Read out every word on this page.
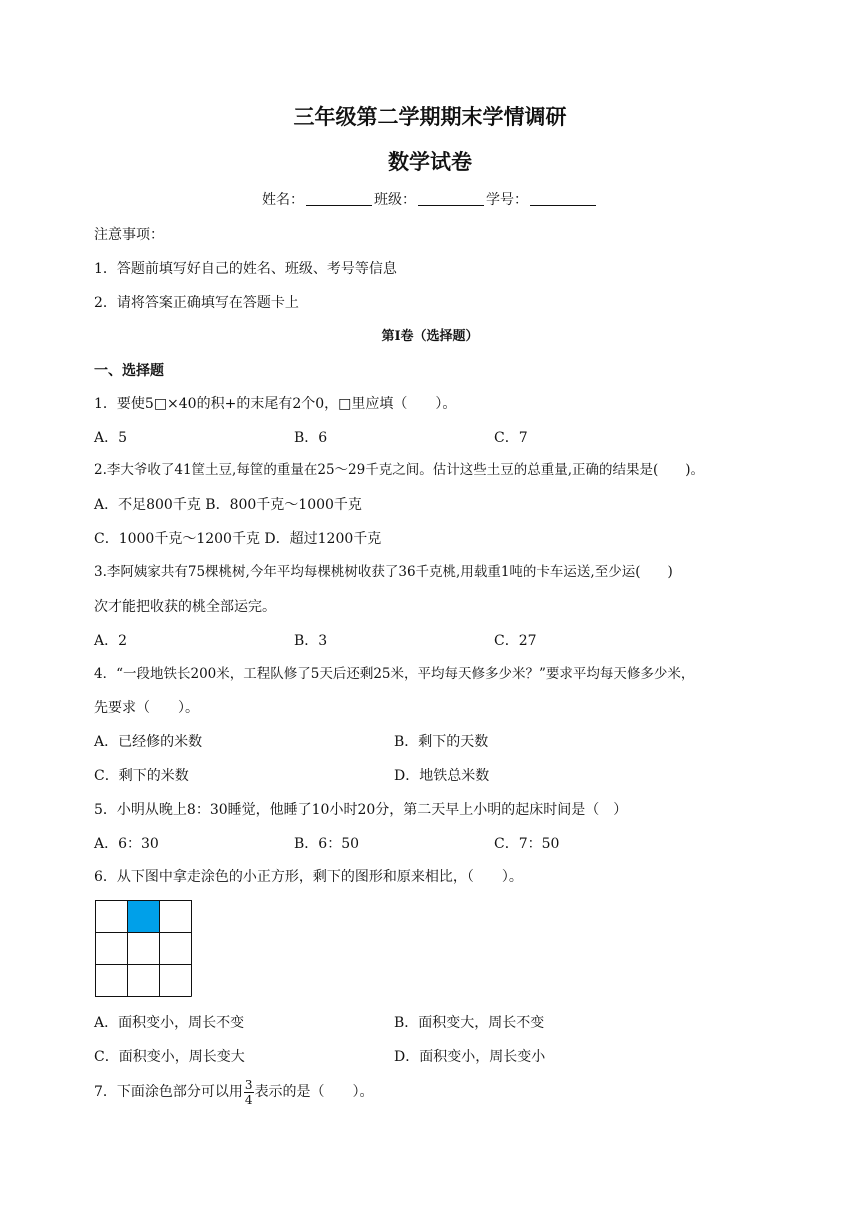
三年级第二学期期末学情调研
数学试卷
姓名：	班级：	学号：
注意事项：
1．答题前填写好自己的姓名、班级、考号等信息
2．请将答案正确填写在答题卡上
第I卷（选择题）
一、选择题
1．要使5□×40的积+的末尾有2个0，□里应填（　　）。
A．5	B．6	C．7
2.李大爷收了41筐土豆,每筐的重量在25～29千克之间。估计这些土豆的总重量,正确的结果是(　　)。
A．不足800千克 B．800千克～1000千克
C．1000千克～1200千克 D．超过1200千克
3.李阿姨家共有75棵桃树,今年平均每棵桃树收获了36千克桃,用载重1吨的卡车运送,至少运(　　)
次才能把收获的桃全部运完。
A．2	B．3	C．27
4．“一段地铁长200米，工程队修了5天后还剩25米，平均每天修多少米？”要求平均每天修多少米，
先要求（　　）。
A．已经修的米数	B．剩下的天数
C．剩下的米数	D．地铁总米数
5．小明从晚上8：30睡觉，他睡了10小时20分，第二天早上小明的起床时间是（　）
A．6：30	B．6：50	C．7：50
6．从下图中拿走涂色的小正方形，剩下的图形和原来相比，（　　）。
A．面积变小，周长不变	B．面积变大，周长不变
C．面积变小，周长变大	D．面积变小，周长变小
7．下面涂色部分可以用 $\frac{3}{4}$ 表示的是（　　）。
